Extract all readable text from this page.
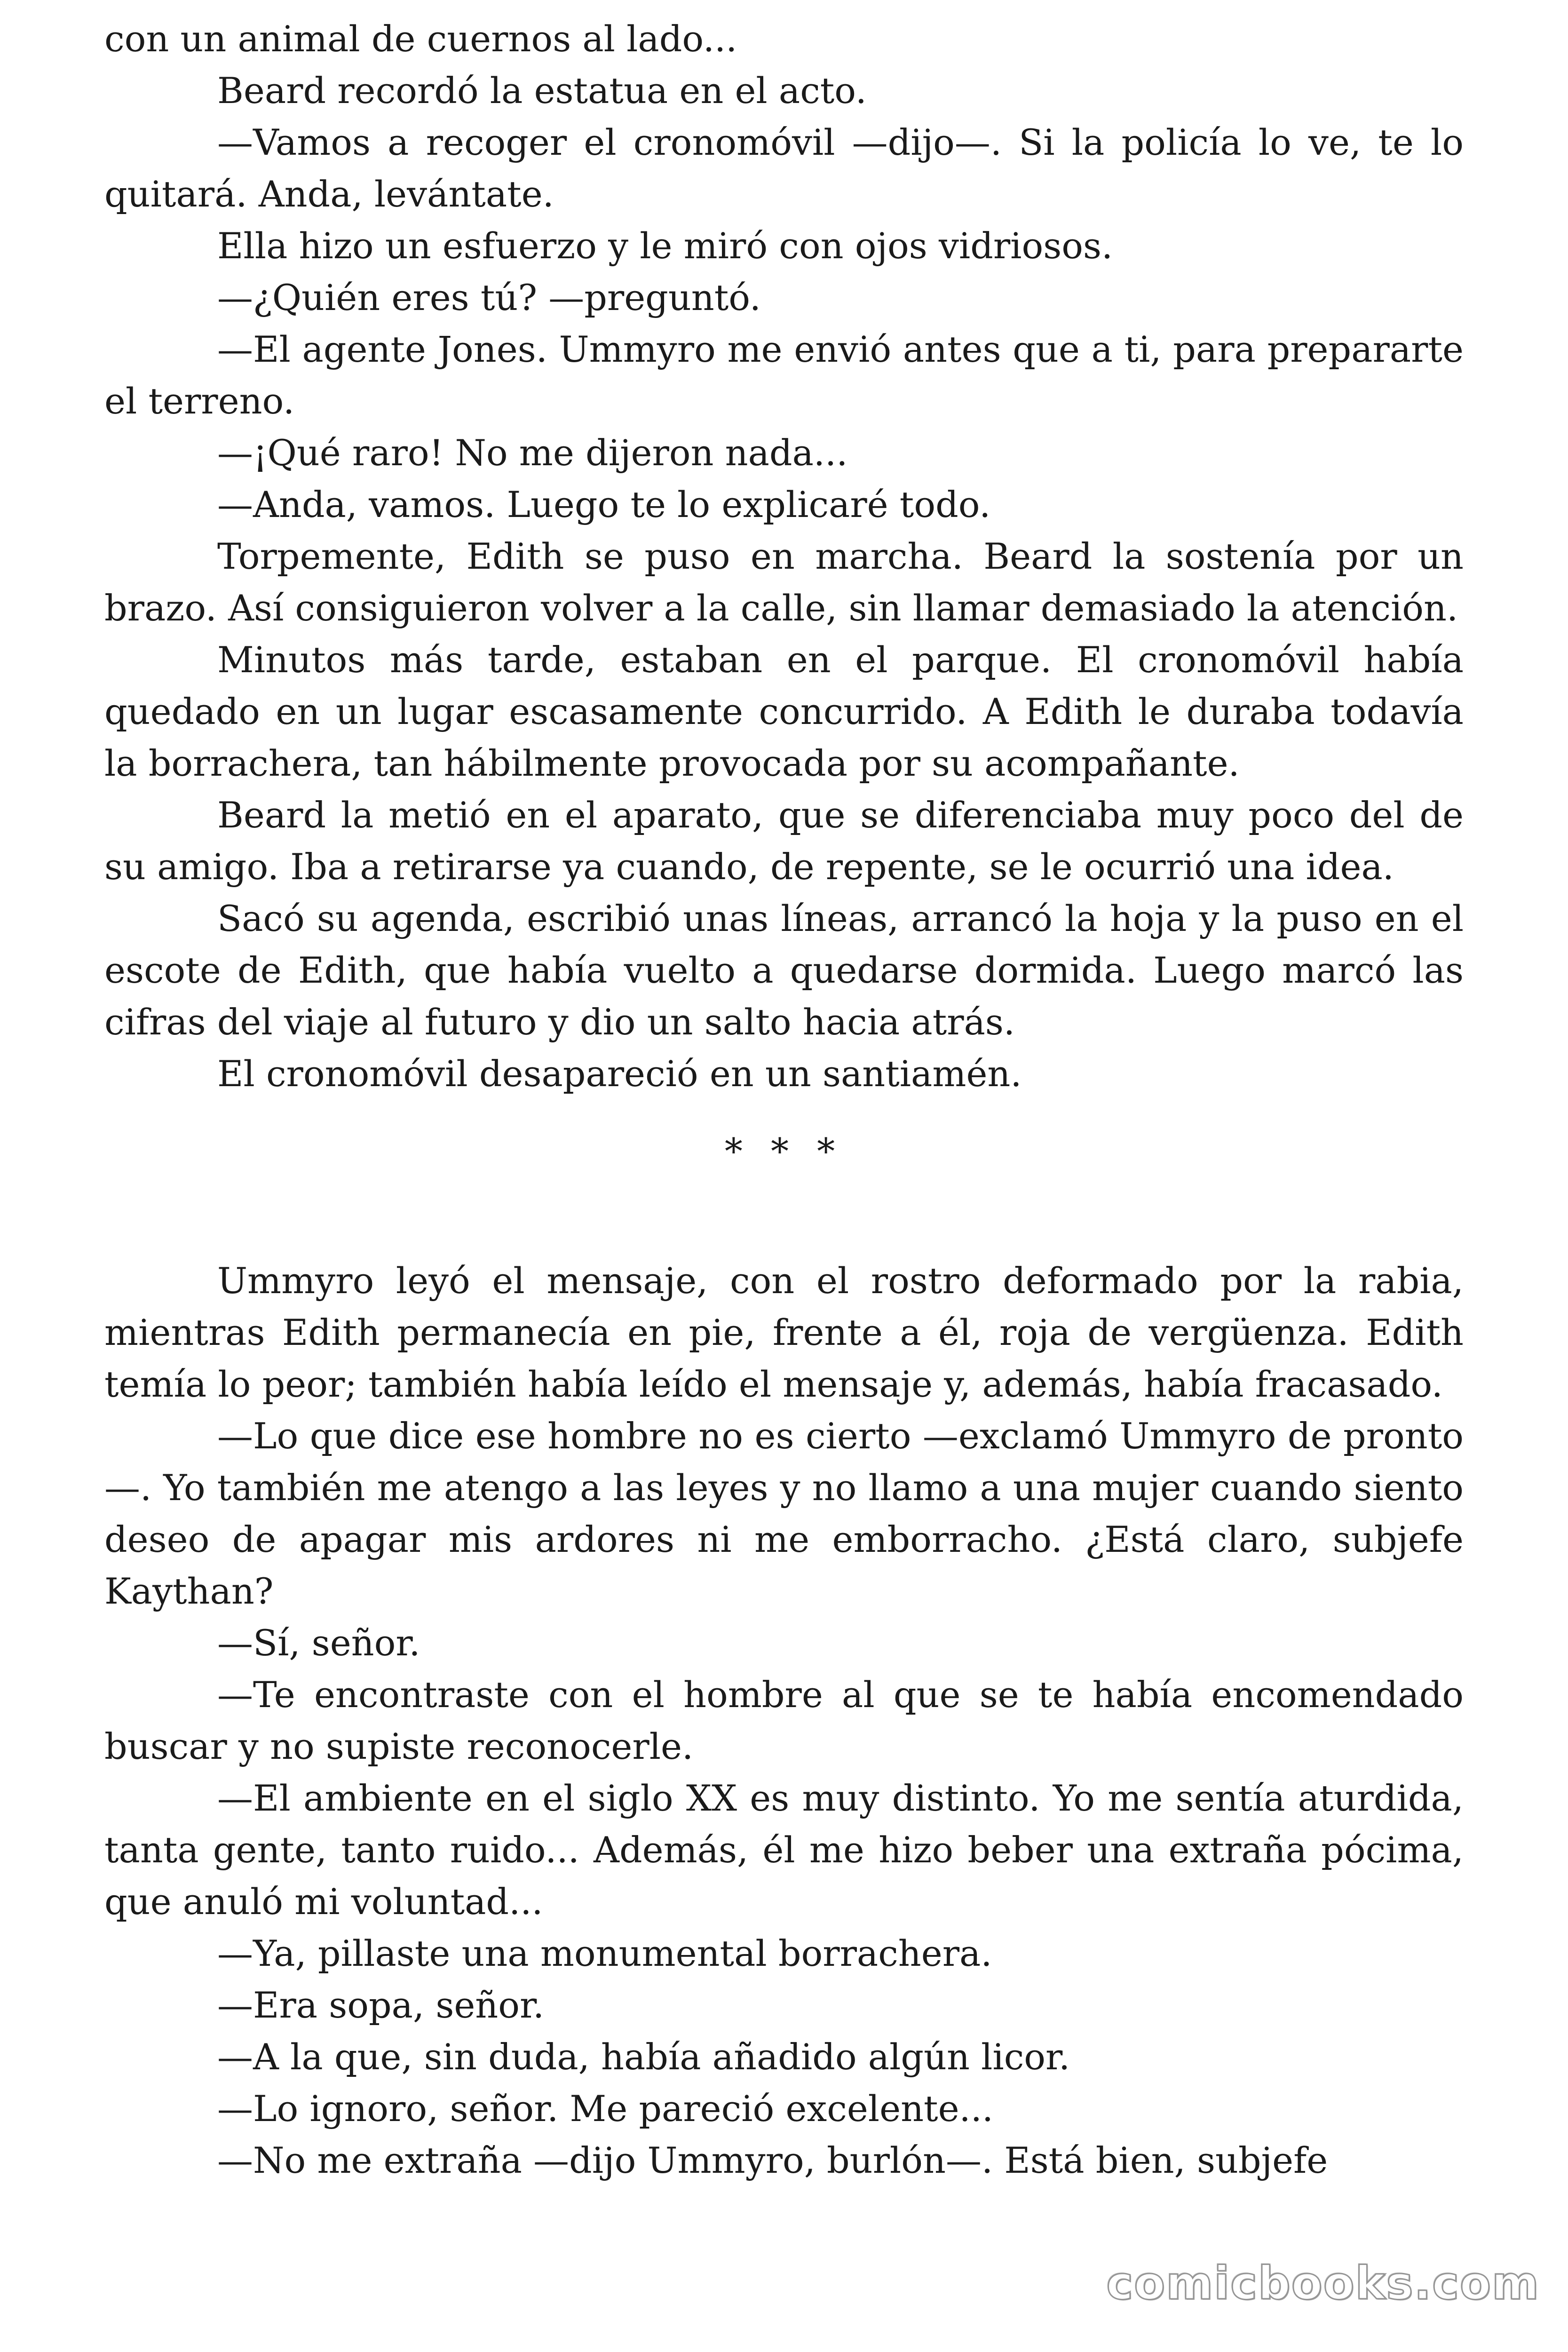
con un animal de cuernos al lado...

Beard recordó la estatua en el acto.

—Vamos a recoger el cronomóvil —dijo—. Si la policía lo ve, te lo quitará. Anda, levántate.

Ella hizo un esfuerzo y le miró con ojos vidriosos.

—¿Quién eres tú? —preguntó.

—El agente Jones. Ummyro me envió antes que a ti, para prepararte el terreno.

—¡Qué raro! No me dijeron nada...

—Anda, vamos. Luego te lo explicaré todo.

Torpemente, Edith se puso en marcha. Beard la sostenía por un brazo. Así consiguieron volver a la calle, sin llamar demasiado la atención.

Minutos más tarde, estaban en el parque. El cronomóvil había quedado en un lugar escasamente concurrido. A Edith le duraba todavía la borrachera, tan hábilmente provocada por su acompañante.

Beard la metió en el aparato, que se diferenciaba muy poco del de su amigo. Iba a retirarse ya cuando, de repente, se le ocurrió una idea.

Sacó su agenda, escribió unas líneas, arrancó la hoja y la puso en el escote de Edith, que había vuelto a quedarse dormida. Luego marcó las cifras del viaje al futuro y dio un salto hacia atrás.

El cronomóvil desapareció en un santiamén.

* * *

Ummyro leyó el mensaje, con el rostro deformado por la rabia, mientras Edith permanecía en pie, frente a él, roja de vergüenza. Edith temía lo peor; también había leído el mensaje y, además, había fracasado.

—Lo que dice ese hombre no es cierto —exclamó Ummyro de pronto—. Yo también me atengo a las leyes y no llamo a una mujer cuando siento deseo de apagar mis ardores ni me emborracho. ¿Está claro, subjefe Kaythan?

—Sí, señor.

—Te encontraste con el hombre al que se te había encomendado buscar y no supiste reconocerle.

—El ambiente en el siglo XX es muy distinto. Yo me sentía aturdida, tanta gente, tanto ruido... Además, él me hizo beber una extraña pócima, que anuló mi voluntad...

—Ya, pillaste una monumental borrachera.

—Era sopa, señor.

—A la que, sin duda, había añadido algún licor.

—Lo ignoro, señor. Me pareció excelente...

—No me extraña —dijo Ummyro, burlón—. Está bien, subjefe

comicbooks.com
